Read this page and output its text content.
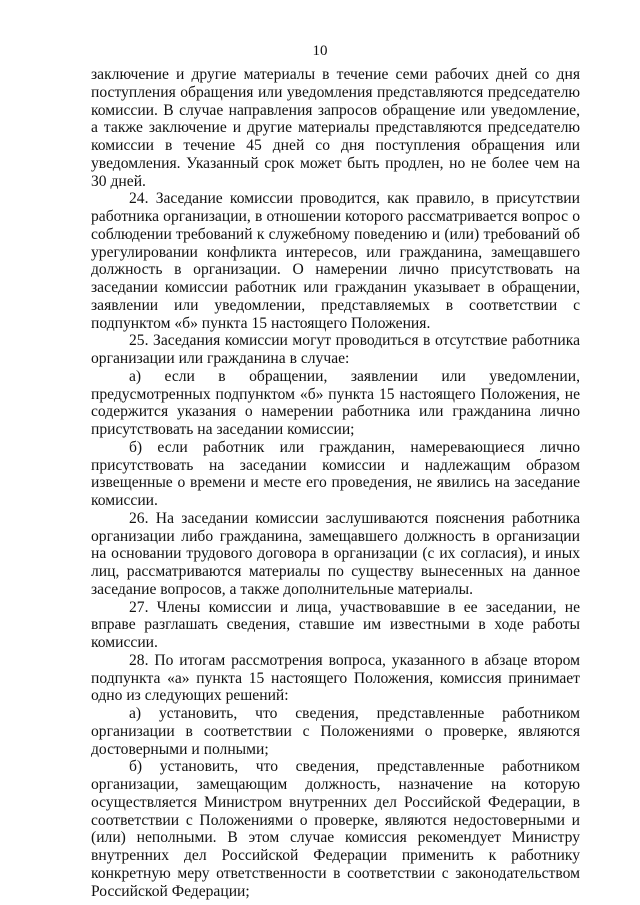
10

заключение и другие материалы в течение семи рабочих дней со дня поступления обращения или уведомления представляются председателю комиссии. В случае направления запросов обращение или уведомление, а также заключение и другие материалы представляются председателю комиссии в течение 45 дней со дня поступления обращения или уведомления. Указанный срок может быть продлен, но не более чем на 30 дней.

24. Заседание комиссии проводится, как правило, в присутствии работника организации, в отношении которого рассматривается вопрос о соблюдении требований к служебному поведению и (или) требований об урегулировании конфликта интересов, или гражданина, замещавшего должность в организации. О намерении лично присутствовать на заседании комиссии работник или гражданин указывает в обращении, заявлении или уведомлении, представляемых в соответствии с подпунктом «б» пункта 15 настоящего Положения.

25. Заседания комиссии могут проводиться в отсутствие работника организации или гражданина в случае:

а) если в обращении, заявлении или уведомлении, предусмотренных подпунктом «б» пункта 15 настоящего Положения, не содержится указания о намерении работника или гражданина лично присутствовать на заседании комиссии;

б) если работник или гражданин, намеревающиеся лично присутствовать на заседании комиссии и надлежащим образом извещенные о времени и месте его проведения, не явились на заседание комиссии.

26. На заседании комиссии заслушиваются пояснения работника организации либо гражданина, замещавшего должность в организации на основании трудового договора в организации (с их согласия), и иных лиц, рассматриваются материалы по существу вынесенных на данное заседание вопросов, а также дополнительные материалы.

27. Члены комиссии и лица, участвовавшие в ее заседании, не вправе разглашать сведения, ставшие им известными в ходе работы комиссии.

28. По итогам рассмотрения вопроса, указанного в абзаце втором подпункта «а» пункта 15 настоящего Положения, комиссия принимает одно из следующих решений:

а) установить, что сведения, представленные работником организации в соответствии с Положениями о проверке, являются достоверными и полными;

б) установить, что сведения, представленные работником организации, замещающим должность, назначение на которую осуществляется Министром внутренних дел Российской Федерации, в соответствии с Положениями о проверке, являются недостоверными и (или) неполными. В этом случае комиссия рекомендует Министру внутренних дел Российской Федерации применить к работнику конкретную меру ответственности в соответствии с законодательством Российской Федерации;
